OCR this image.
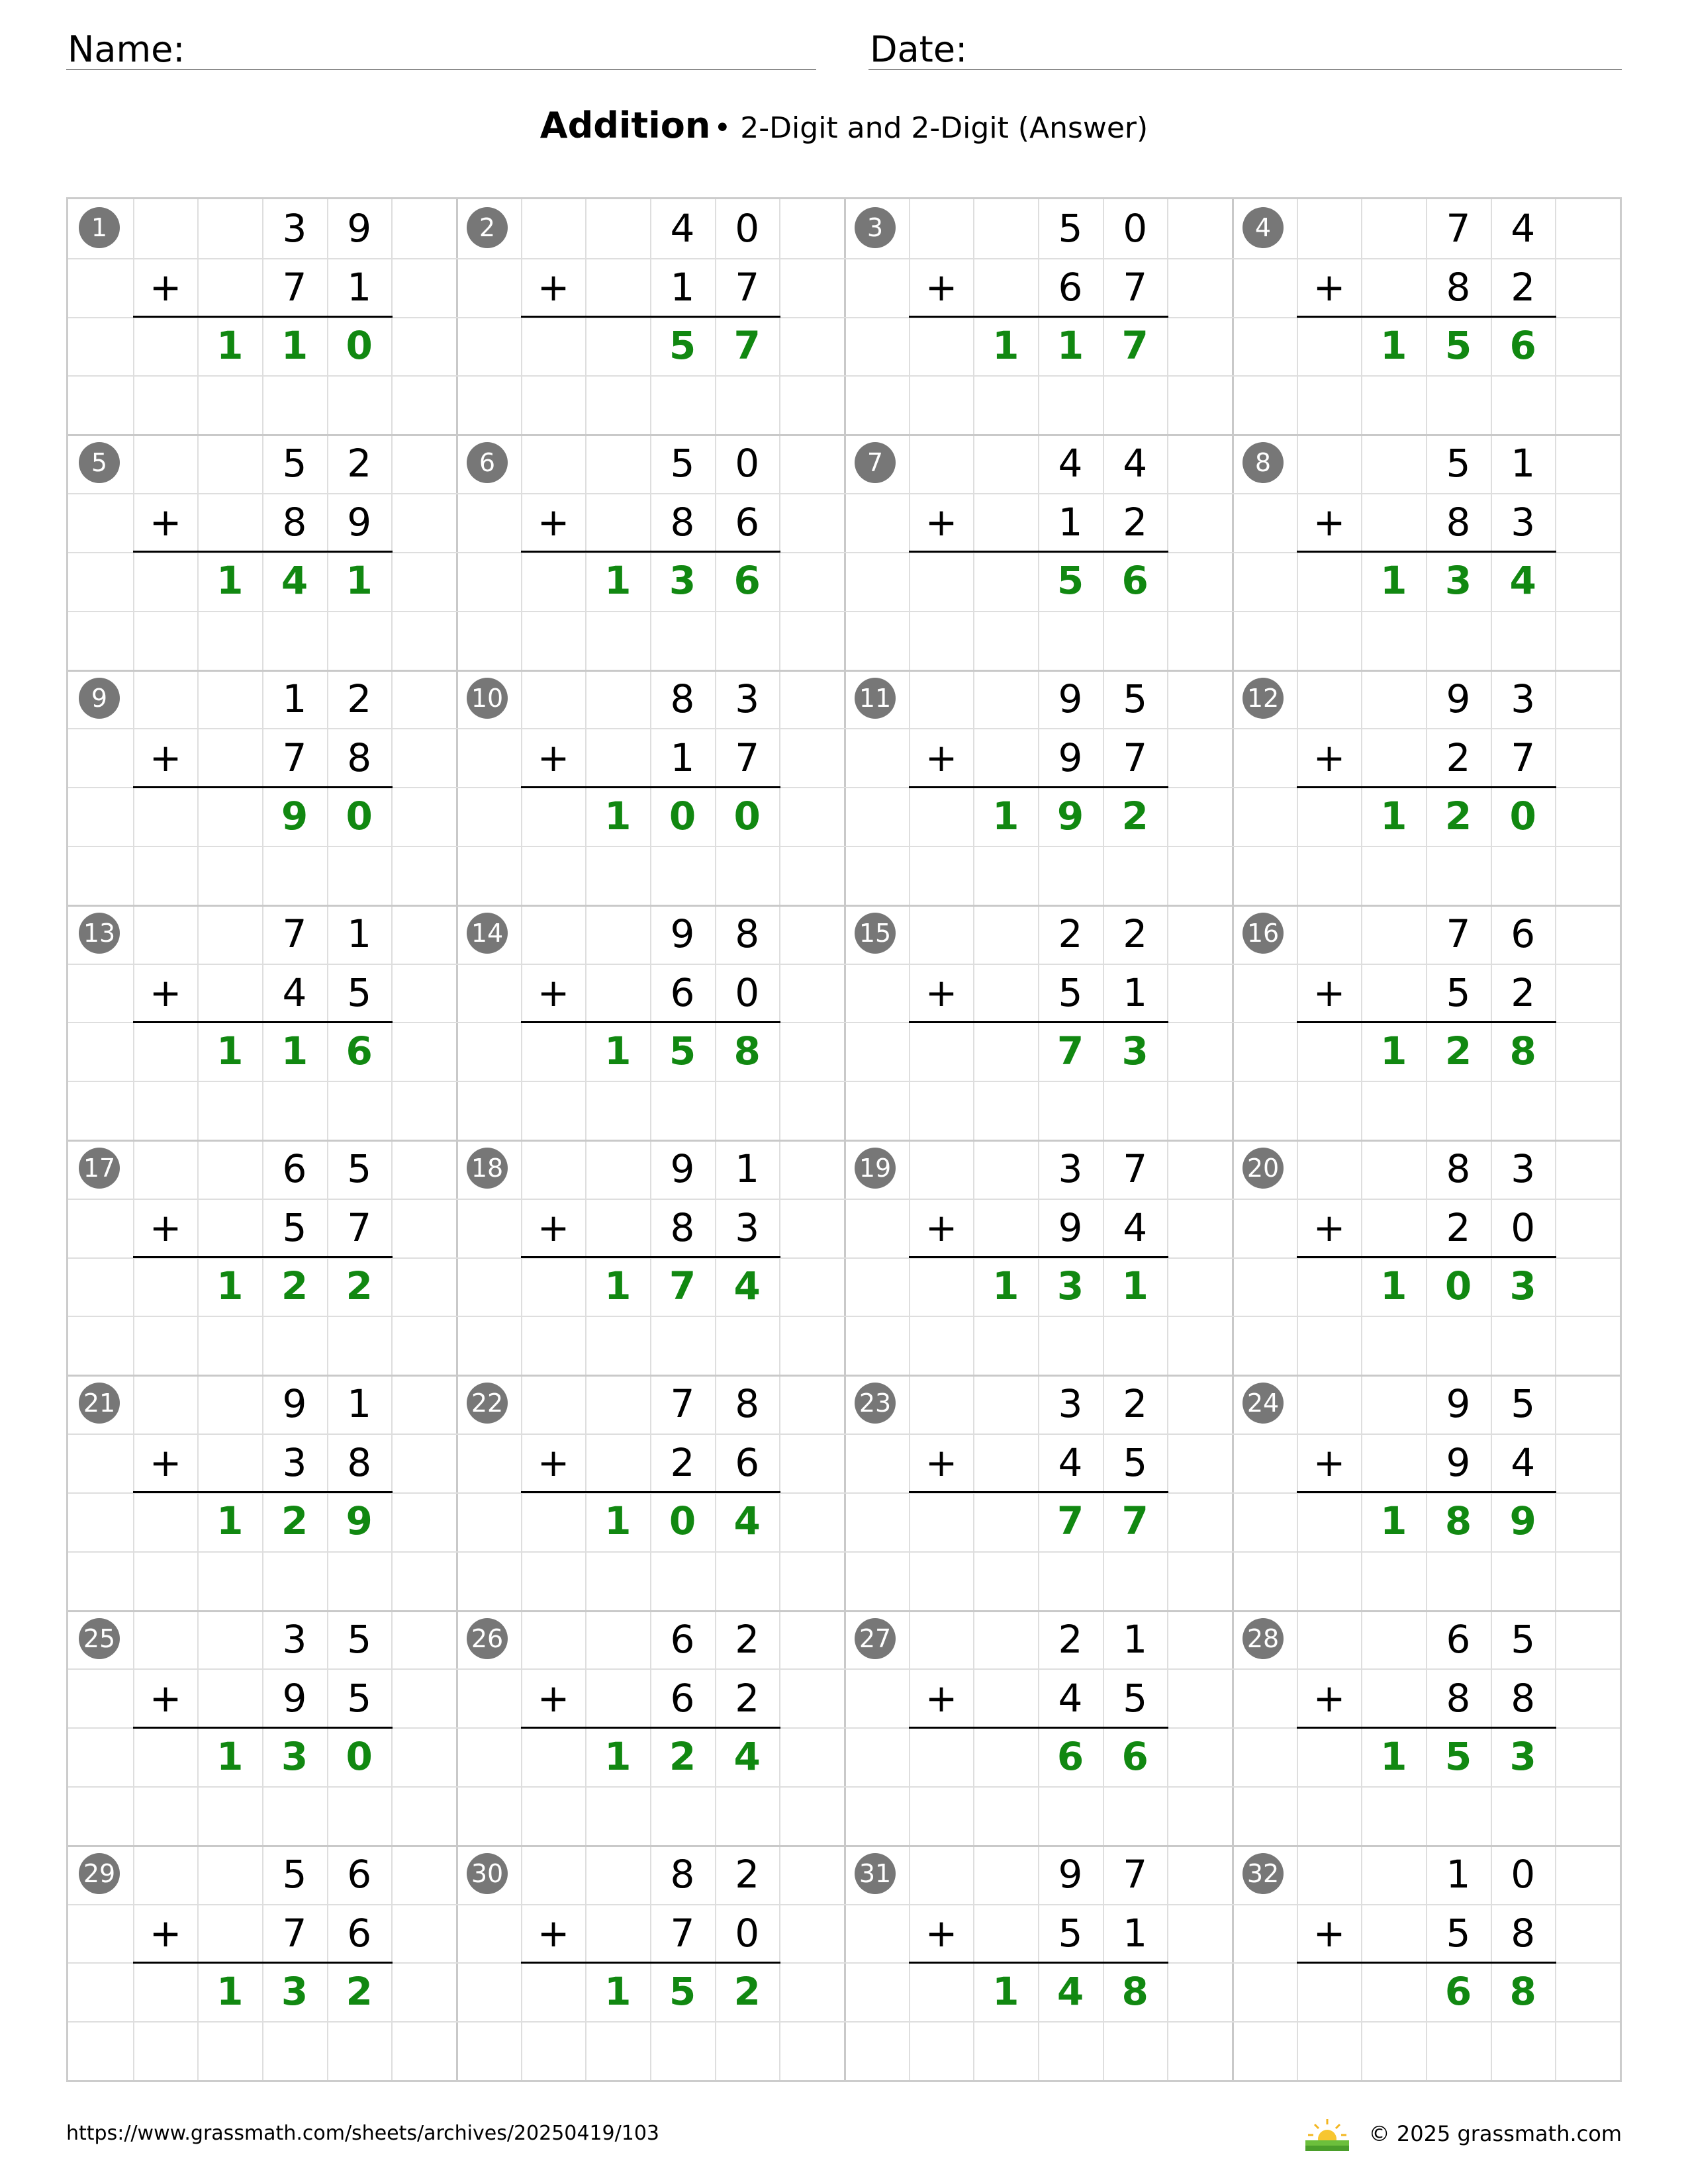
Name:	Date:
Addition • 2-Digit and 2-Digit (Answer)
1	3	9
+	7	1
1 1 0
2	4	0
+	1	7
5 7
3	5	0
+	6	7
1 1 7
4	7	4
+	8	2
1 5 6
5	5	2
+	8	9
1 4 1
6	5	0
+	8	6
1 3 6
7	4	4
+	1	2
5 6
8	5	1
+	8	3
1 3 4
9	1	2
+	7	8
9 0
10	8	3
+	1	7
1 0 0
11	9	5
+	9	7
1 9 2
12	9	3
+	2	7
1 2 0
13	7	1
+	4	5
1 1 6
14	9	8
+	6	0
1 5 8
15	2	2
+	5	1
7 3
16	7	6
+	5	2
1 2 8
17	6	5
+	5	7
1 2 2
18	9	1
+	8	3
1 7 4
19	3	7
+	9	4
1 3 1
20	8	3
+	2	0
1 0 3
21	9	1
+	3	8
1 2 9
22	7	8
+	2	6
1 0 4
23	3	2
+	4	5
7 7
24	9	5
+	9	4
1 8 9
25	3	5
+	9	5
1 3 0
26	6	2
+	6	2
1 2 4
27	2	1
+	4	5
6 6
28	6	5
+	8	8
1 5 3
29	5	6
+	7	6
1 3 2
30	8	2
+	7	0
1 5 2
31	9	7
+	5	1
1 4 8
32	1	0
+	5	8
6 8
https://www.grassmath.com/sheets/archives/20250419/103	© 2025 grassmath.com
